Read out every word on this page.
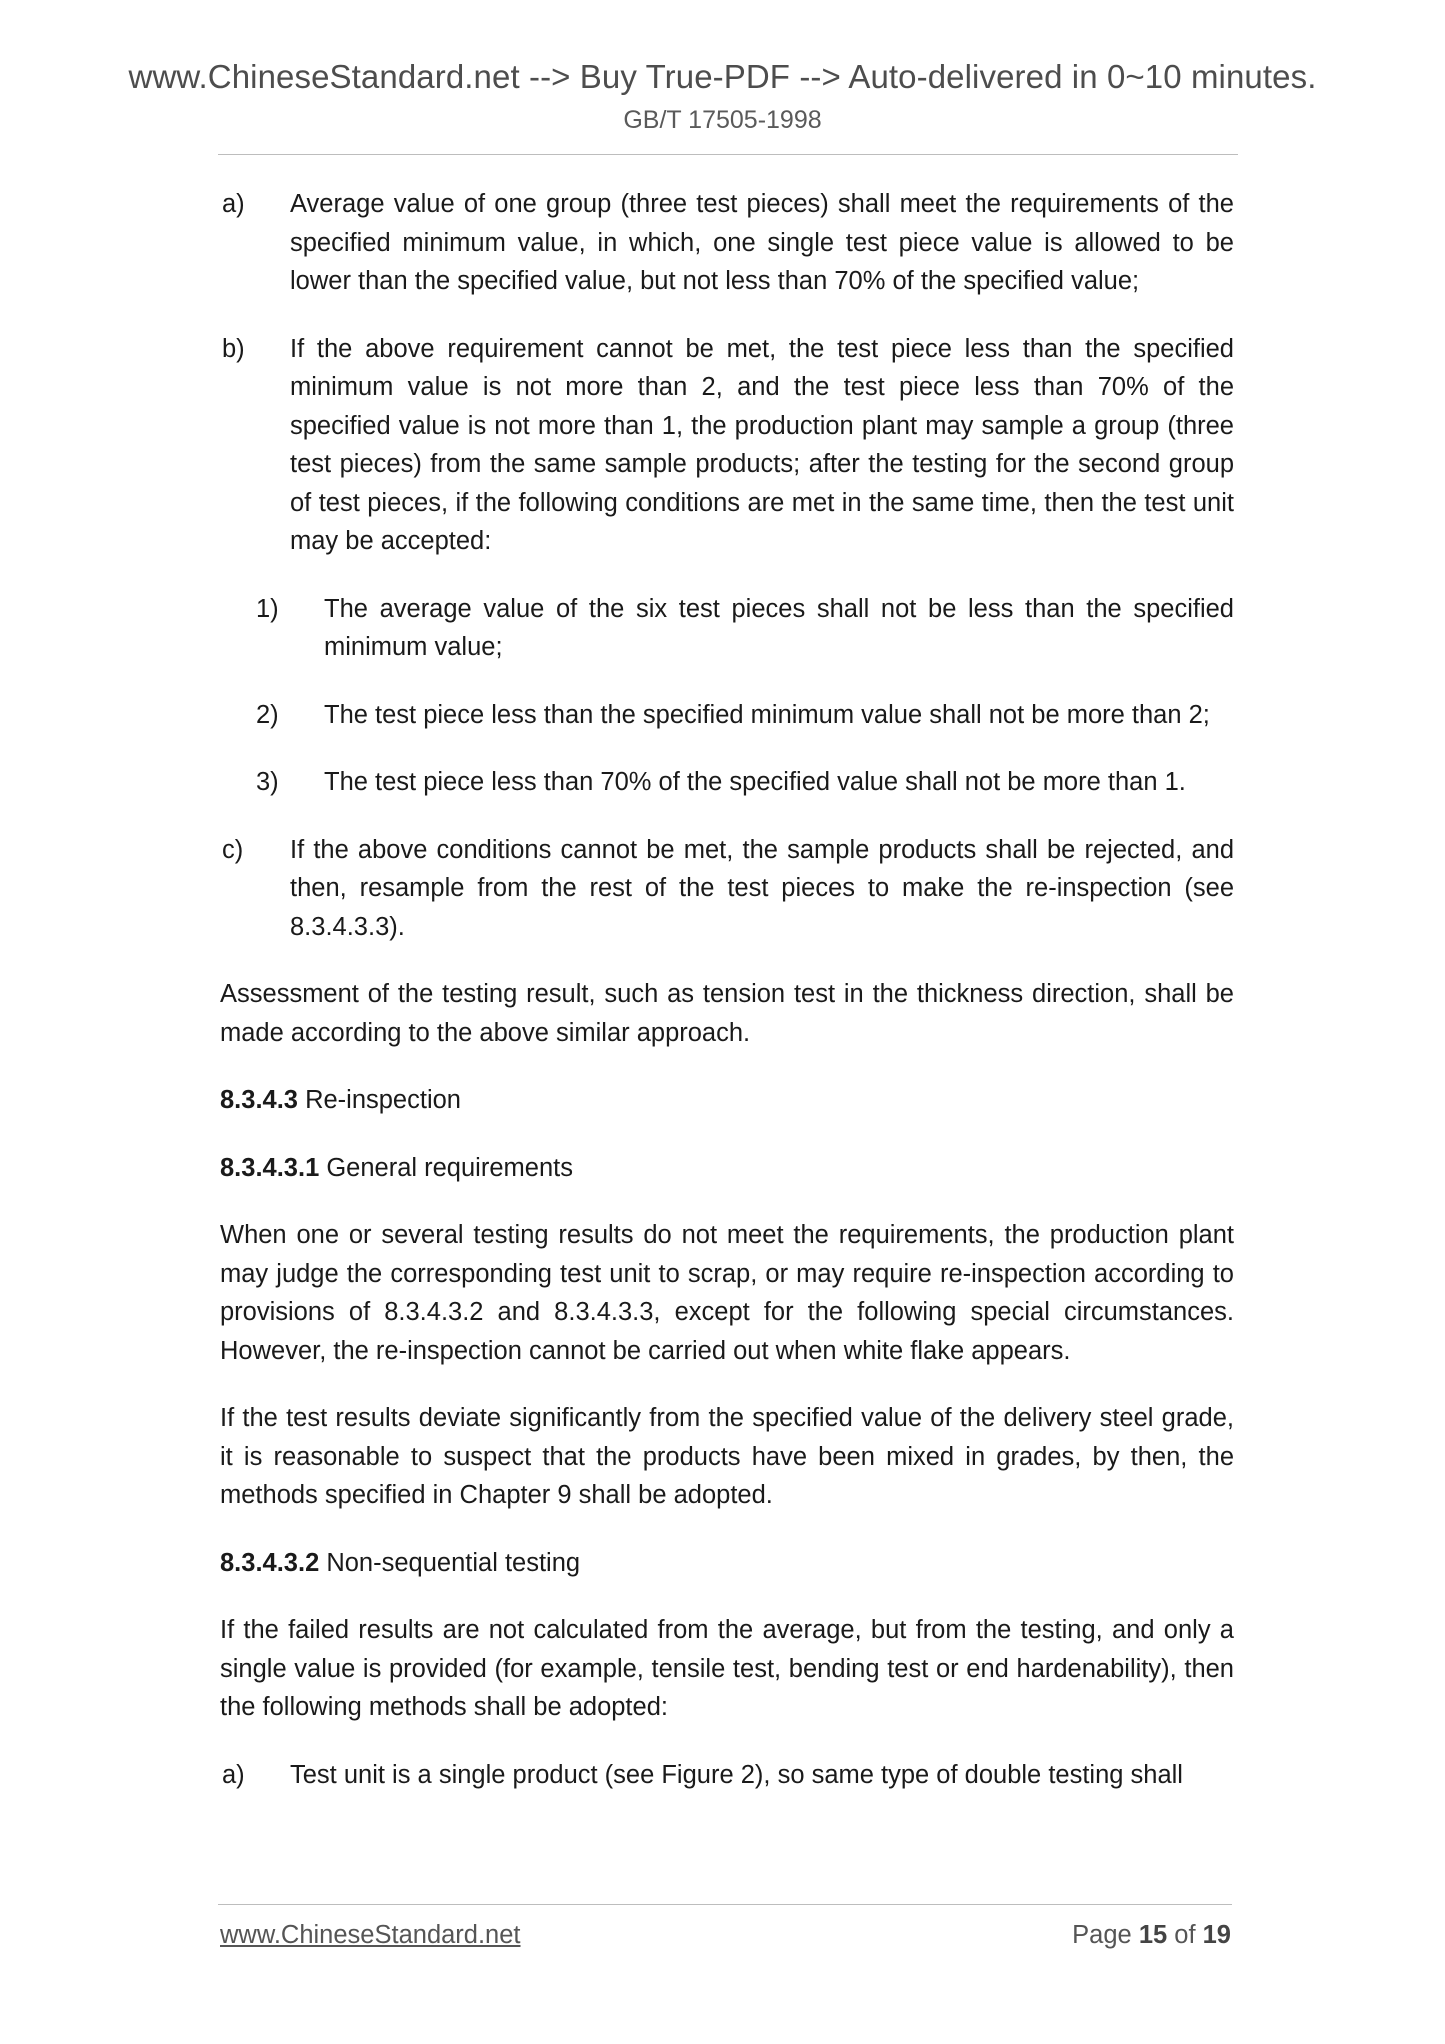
www.ChineseStandard.net --> Buy True-PDF --> Auto-delivered in 0~10 minutes.
GB/T 17505-1998
a) Average value of one group (three test pieces) shall meet the requirements of the specified minimum value, in which, one single test piece value is allowed to be lower than the specified value, but not less than 70% of the specified value;
b) If the above requirement cannot be met, the test piece less than the specified minimum value is not more than 2, and the test piece less than 70% of the specified value is not more than 1, the production plant may sample a group (three test pieces) from the same sample products; after the testing for the second group of test pieces, if the following conditions are met in the same time, then the test unit may be accepted:
1) The average value of the six test pieces shall not be less than the specified minimum value;
2) The test piece less than the specified minimum value shall not be more than 2;
3) The test piece less than 70% of the specified value shall not be more than 1.
c) If the above conditions cannot be met, the sample products shall be rejected, and then, resample from the rest of the test pieces to make the re-inspection (see 8.3.4.3.3).

Assessment of the testing result, such as tension test in the thickness direction, shall be made according to the above similar approach.

8.3.4.3 Re-inspection

8.3.4.3.1 General requirements

When one or several testing results do not meet the requirements, the production plant may judge the corresponding test unit to scrap, or may require re-inspection according to provisions of 8.3.4.3.2 and 8.3.4.3.3, except for the following special circumstances. However, the re-inspection cannot be carried out when white flake appears.

If the test results deviate significantly from the specified value of the delivery steel grade, it is reasonable to suspect that the products have been mixed in grades, by then, the methods specified in Chapter 9 shall be adopted.

8.3.4.3.2 Non-sequential testing

If the failed results are not calculated from the average, but from the testing, and only a single value is provided (for example, tensile test, bending test or end hardenability), then the following methods shall be adopted:

a) Test unit is a single product (see Figure 2), so same type of double testing shall
www.ChineseStandard.net	Page 15 of 19
